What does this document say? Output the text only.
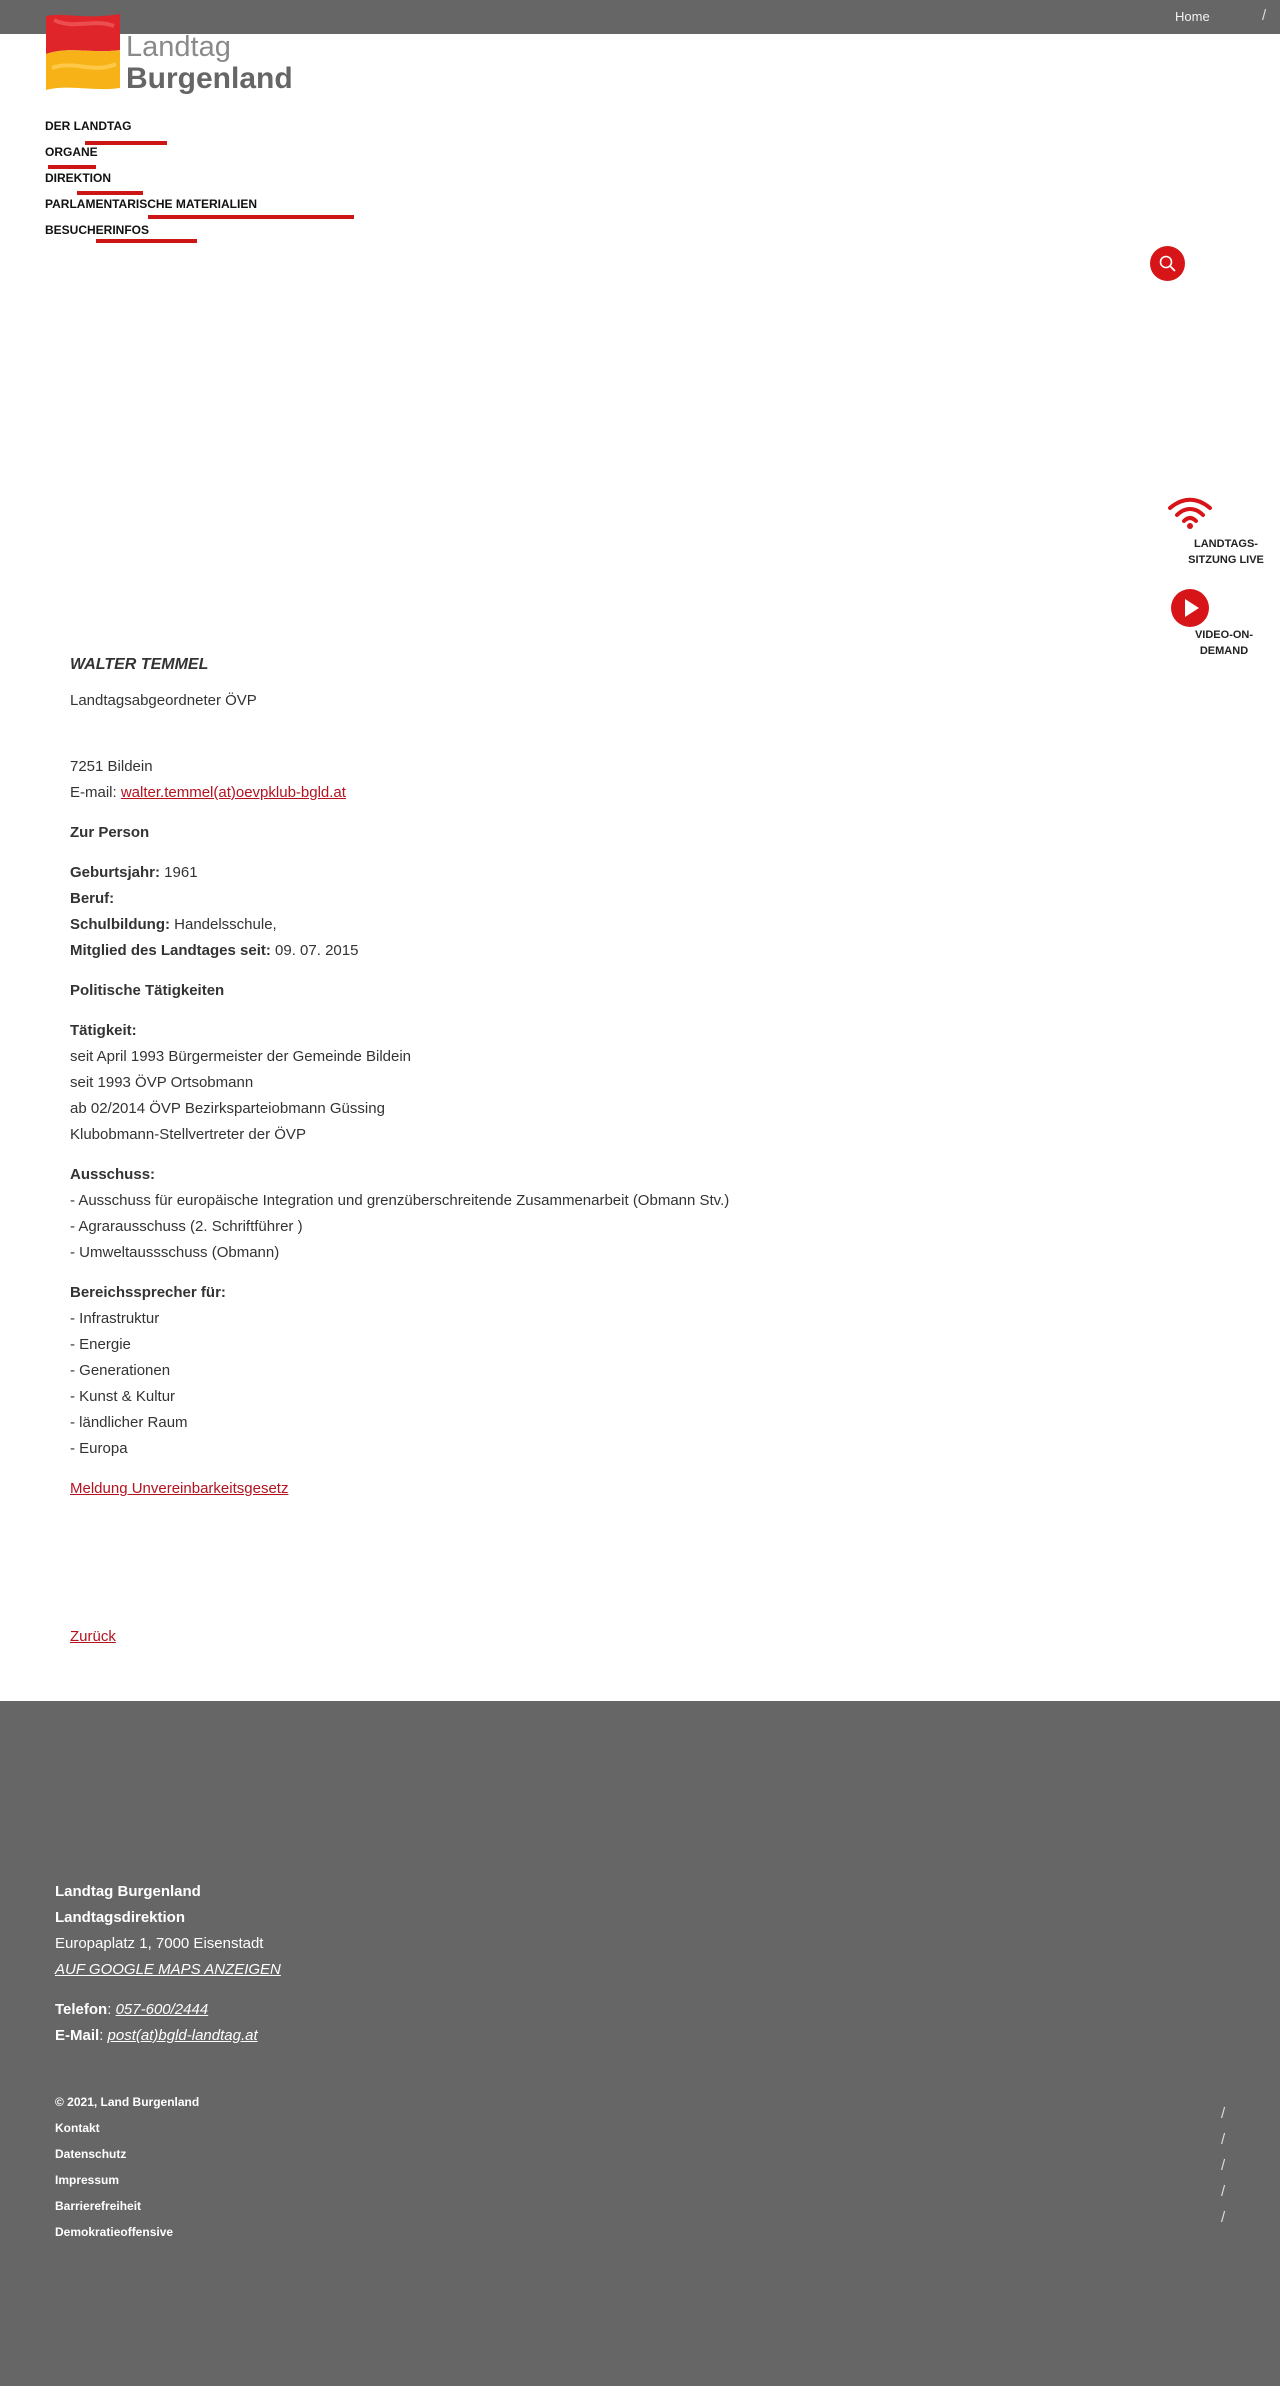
Home	/
Landtag
Burgenland
DER LANDTAG
ORGANE
DIREKTION
PARLAMENTARISCHE MATERIALIEN
BESUCHERINFOS
LANDTAGS-
SITZUNG LIVE
VIDEO-ON-
DEMAND
WALTER TEMMEL

Landtagsabgeordneter ÖVP

7251 Bildein

E-mail: walter.temmel(at)oevpklub-bgld.at

Zur Person

Geburtsjahr: 1961

Beruf:

Schulbildung: Handelsschule,

Mitglied des Landtages seit: 09. 07. 2015

Politische Tätigkeiten

Tätigkeit:

seit April 1993 Bürgermeister der Gemeinde Bildein

seit 1993 ÖVP Ortsobmann

ab 02/2014 ÖVP Bezirksparteiobmann Güssing

Klubobmann-Stellvertreter der ÖVP

Ausschuss:

- Ausschuss für europäische Integration und grenzüberschreitende Zusammenarbeit (Obmann Stv.)

- Agrarausschuss (2. Schriftführer )

- Umweltaussschuss (Obmann)

Bereichssprecher für:

- Infrastruktur

- Energie

- Generationen

- Kunst & Kultur

- ländlicher Raum

- Europa

Meldung Unvereinbarkeitsgesetz

Zurück

Landtag Burgenland
Landtagsdirektion
Europaplatz 1, 7000 Eisenstadt
AUF GOOGLE MAPS ANZEIGEN
Telefon: 057-600/2444
E-Mail: post(at)bgld-landtag.at
© 2021, Land Burgenland
Kontakt
Datenschutz
Impressum
Barrierefreiheit
Demokratieoffensive
/
/
/
/
/
